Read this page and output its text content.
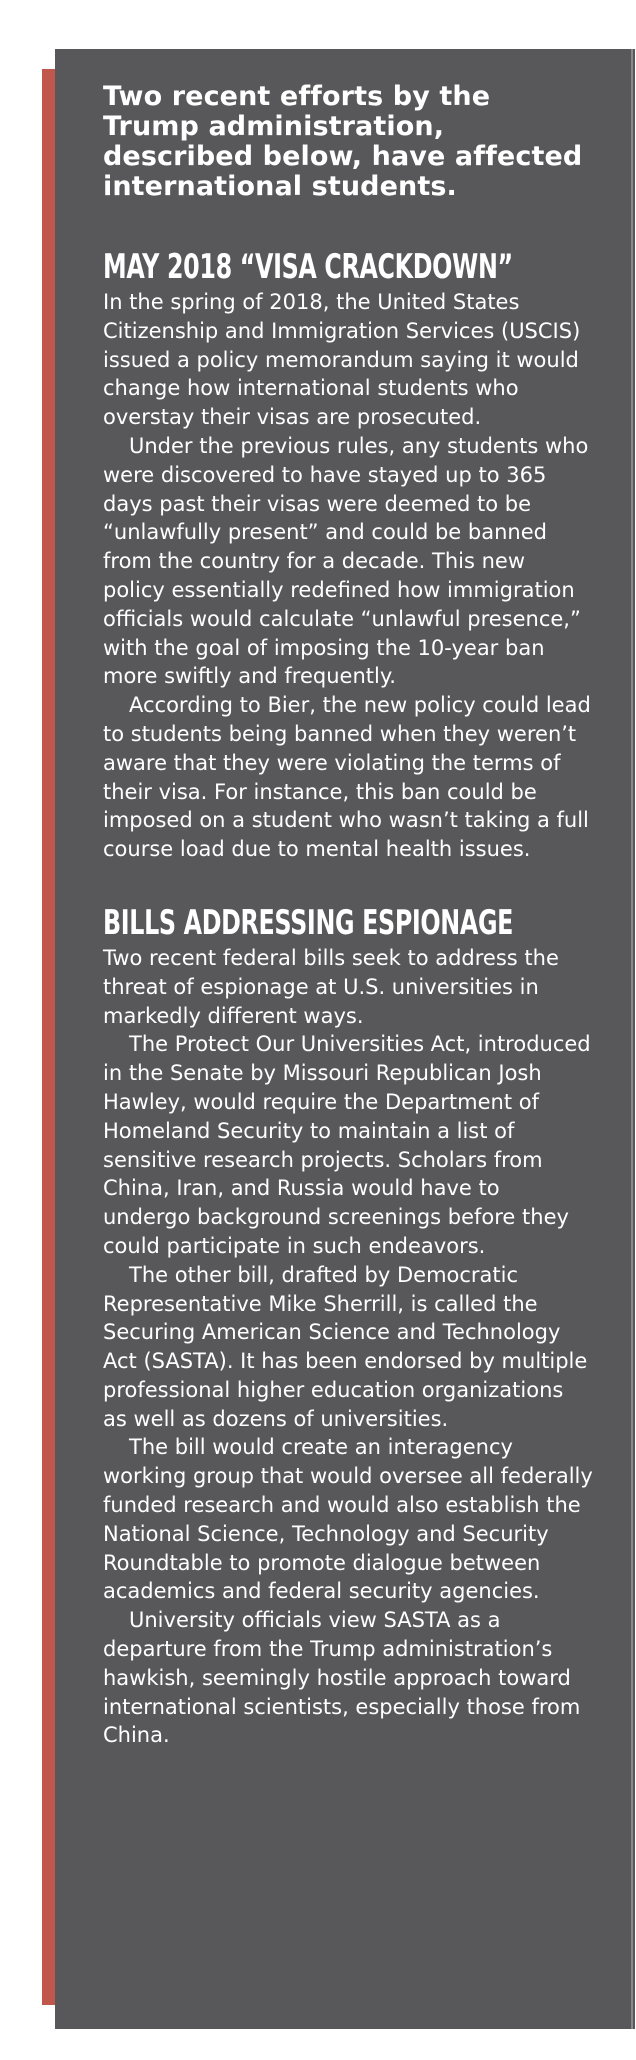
Two recent efforts by the Trump administration, described below, have affected international students.
MAY 2018 “VISA CRACKDOWN”

In the spring of 2018, the United States Citizenship and Immigration Services (USCIS) issued a policy memorandum saying it would change how international students who overstay their visas are prosecuted.

Under the previous rules, any students who were discovered to have stayed up to 365 days past their visas were deemed to be “unlawfully present” and could be banned from the country for a decade. This new policy essentially redefined how immigration officials would calculate “unlawful presence,” with the goal of imposing the 10-year ban more swiftly and frequently.

According to Bier, the new policy could lead to students being banned when they weren’t aware that they were violating the terms of their visa. For instance, this ban could be imposed on a student who wasn’t taking a full course load due to mental health issues.

BILLS ADDRESSING ESPIONAGE

Two recent federal bills seek to address the threat of espionage at U.S. universities in markedly different ways.

The Protect Our Universities Act, introduced in the Senate by Missouri Republican Josh Hawley, would require the Department of Homeland Security to maintain a list of sensitive research projects. Scholars from China, Iran, and Russia would have to undergo background screenings before they could participate in such endeavors.

The other bill, drafted by Democratic Representative Mike Sherrill, is called the Securing American Science and Technology Act (SASTA). It has been endorsed by multiple professional higher education organizations as well as dozens of universities.

The bill would create an interagency working group that would oversee all federally funded research and would also establish the National Science, Technology and Security Roundtable to promote dialogue between academics and federal security agencies.

University officials view SASTA as a departure from the Trump administration’s hawkish, seemingly hostile approach toward international scientists, especially those from China.
